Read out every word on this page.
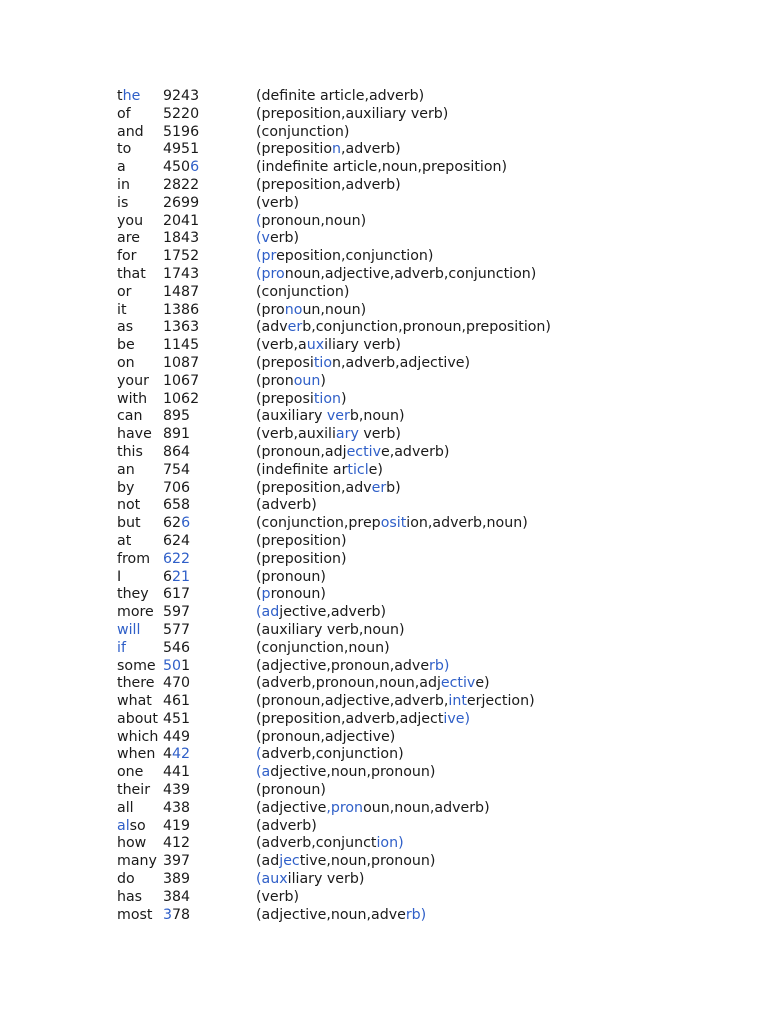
the 9243	(definite article,adverb)
of 5220	(preposition,auxiliary verb)
and 5196	(conjunction)
to 4951	(preposition,adverb)
a	4506	(indefinite article,noun,preposition)
in 2822	(preposition,adverb)
is 2699	(verb)
you 2041	(pronoun,noun)
are 1843	(verb)
for 1752	(preposition,conjunction)
that 1743	(pronoun,adjective,adverb,conjunction)
or 1487	(conjunction)
it	1386	(pronoun,noun)
as 1363	(adverb,conjunction,pronoun,preposition)
be 1145	(verb,auxiliary verb)
on 1087	(preposition,adverb,adjective)
your 1067	(pronoun)
with 1062	(preposition)
can 895	(auxiliary verb,noun)
have 891	(verb,auxiliary verb)
this 864	(pronoun,adjective,adverb)
an 754	(indefinite article)
by 706	(preposition,adverb)
not 658	(adverb)
but 626	(conjunction,preposition,adverb,noun)
at 624	(preposition)
from 622	(preposition)
I	621	(pronoun)
they 617	(pronoun)
more 597	(adjective,adverb)
will 577	(auxiliary verb,noun)
if	546	(conjunction,noun)
some 501	(adjective,pronoun,adverb)
there 470	(adverb,pronoun,noun,adjective)
what 461	(pronoun,adjective,adverb,interjection)
about 451	(preposition,adverb,adjective)
which 449	(pronoun,adjective)
when 442	(adverb,conjunction)
one 441	(adjective,noun,pronoun)
their 439	(pronoun)
all 438	(adjective,pronoun,noun,adverb)
also 419	(adverb)
how 412	(adverb,conjunction)
many 397	(adjective,noun,pronoun)
do 389	(auxiliary verb)
has 384	(verb)
most 378	(adjective,noun,adverb)
